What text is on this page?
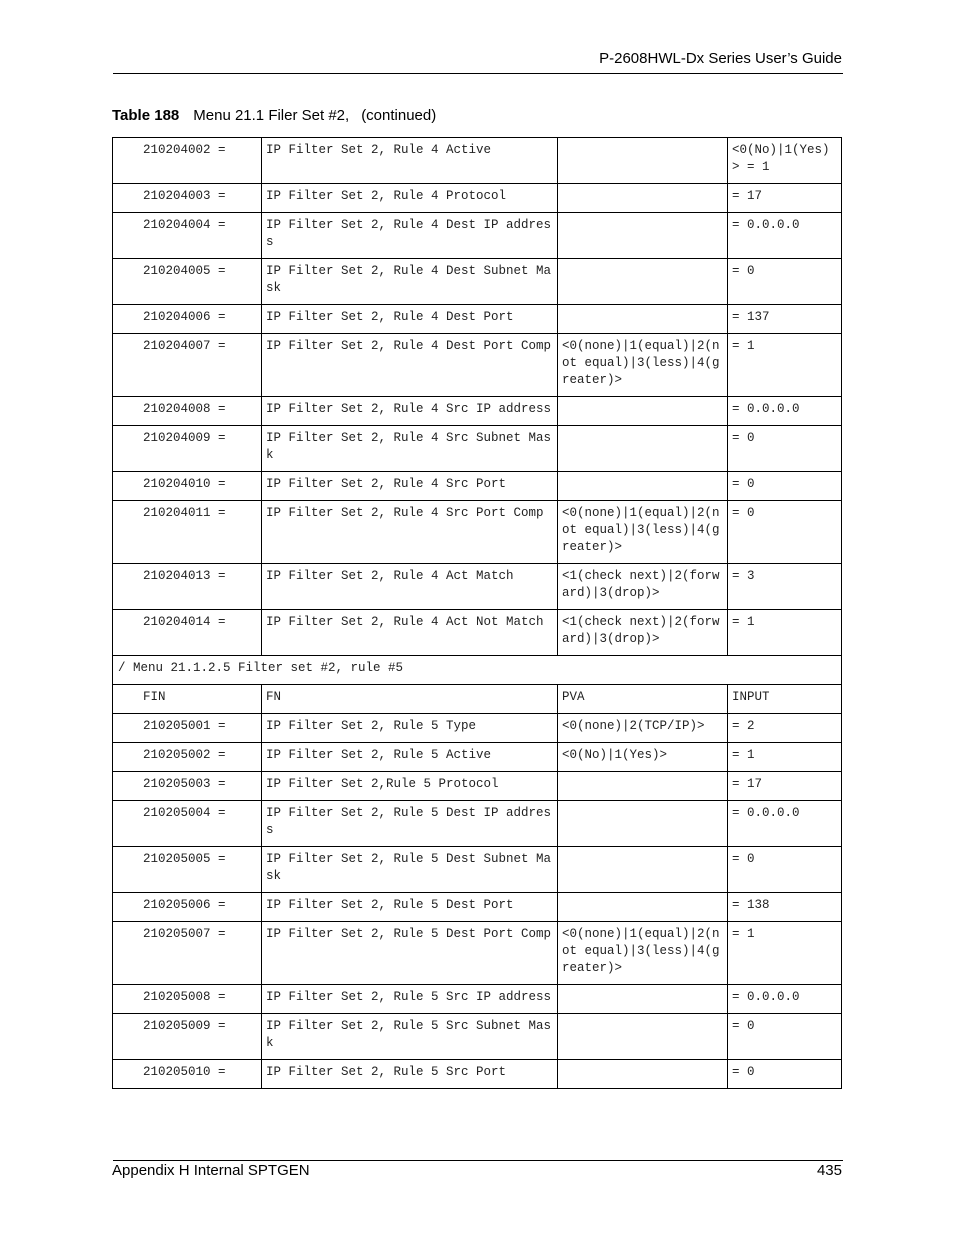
P-2608HWL-Dx Series User’s Guide
Table 188 Menu 21.1 Filer Set #2, (continued)
210204002 =	IP Filter Set 2, Rule 4 Active		<0(No)|1(Yes)> = 1
210204003 =	IP Filter Set 2, Rule 4 Protocol		= 17
210204004 =	IP Filter Set 2, Rule 4 Dest IP address		= 0.0.0.0
210204005 =	IP Filter Set 2, Rule 4 Dest Subnet Mask		= 0
210204006 =	IP Filter Set 2, Rule 4 Dest Port		= 137
210204007 =	IP Filter Set 2, Rule 4 Dest Port Comp	<0(none)|1(equal)|2(not equal)|3(less)|4(greater)>	= 1
210204008 =	IP Filter Set 2, Rule 4 Src IP address		= 0.0.0.0
210204009 =	IP Filter Set 2, Rule 4 Src Subnet Mask		= 0
210204010 =	IP Filter Set 2, Rule 4 Src Port		= 0
210204011 =	IP Filter Set 2, Rule 4 Src Port Comp	<0(none)|1(equal)|2(not equal)|3(less)|4(greater)>	= 0
210204013 =	IP Filter Set 2, Rule 4 Act Match	<1(check next)|2(forward)|3(drop)>	= 3
210204014 =	IP Filter Set 2, Rule 4 Act Not Match	<1(check next)|2(forward)|3(drop)>	= 1
/ Menu 21.1.2.5 Filter set #2, rule #5			
FIN	FN	PVA	INPUT
210205001 =	IP Filter Set 2, Rule 5 Type	<0(none)|2(TCP/IP)>	= 2
210205002 =	IP Filter Set 2, Rule 5 Active	<0(No)|1(Yes)>	= 1
210205003 =	IP Filter Set 2,Rule 5 Protocol		= 17
210205004 =	IP Filter Set 2, Rule 5 Dest IP address		= 0.0.0.0
210205005 =	IP Filter Set 2, Rule 5 Dest Subnet Mask		= 0
210205006 =	IP Filter Set 2, Rule 5 Dest Port		= 138
210205007 =	IP Filter Set 2, Rule 5 Dest Port Comp	<0(none)|1(equal)|2(not equal)|3(less)|4(greater)>	= 1
210205008 =	IP Filter Set 2, Rule 5 Src IP address		= 0.0.0.0
210205009 =	IP Filter Set 2, Rule 5 Src Subnet Mask		= 0
210205010 =	IP Filter Set 2, Rule 5 Src Port		= 0
Appendix H Internal SPTGEN	435
